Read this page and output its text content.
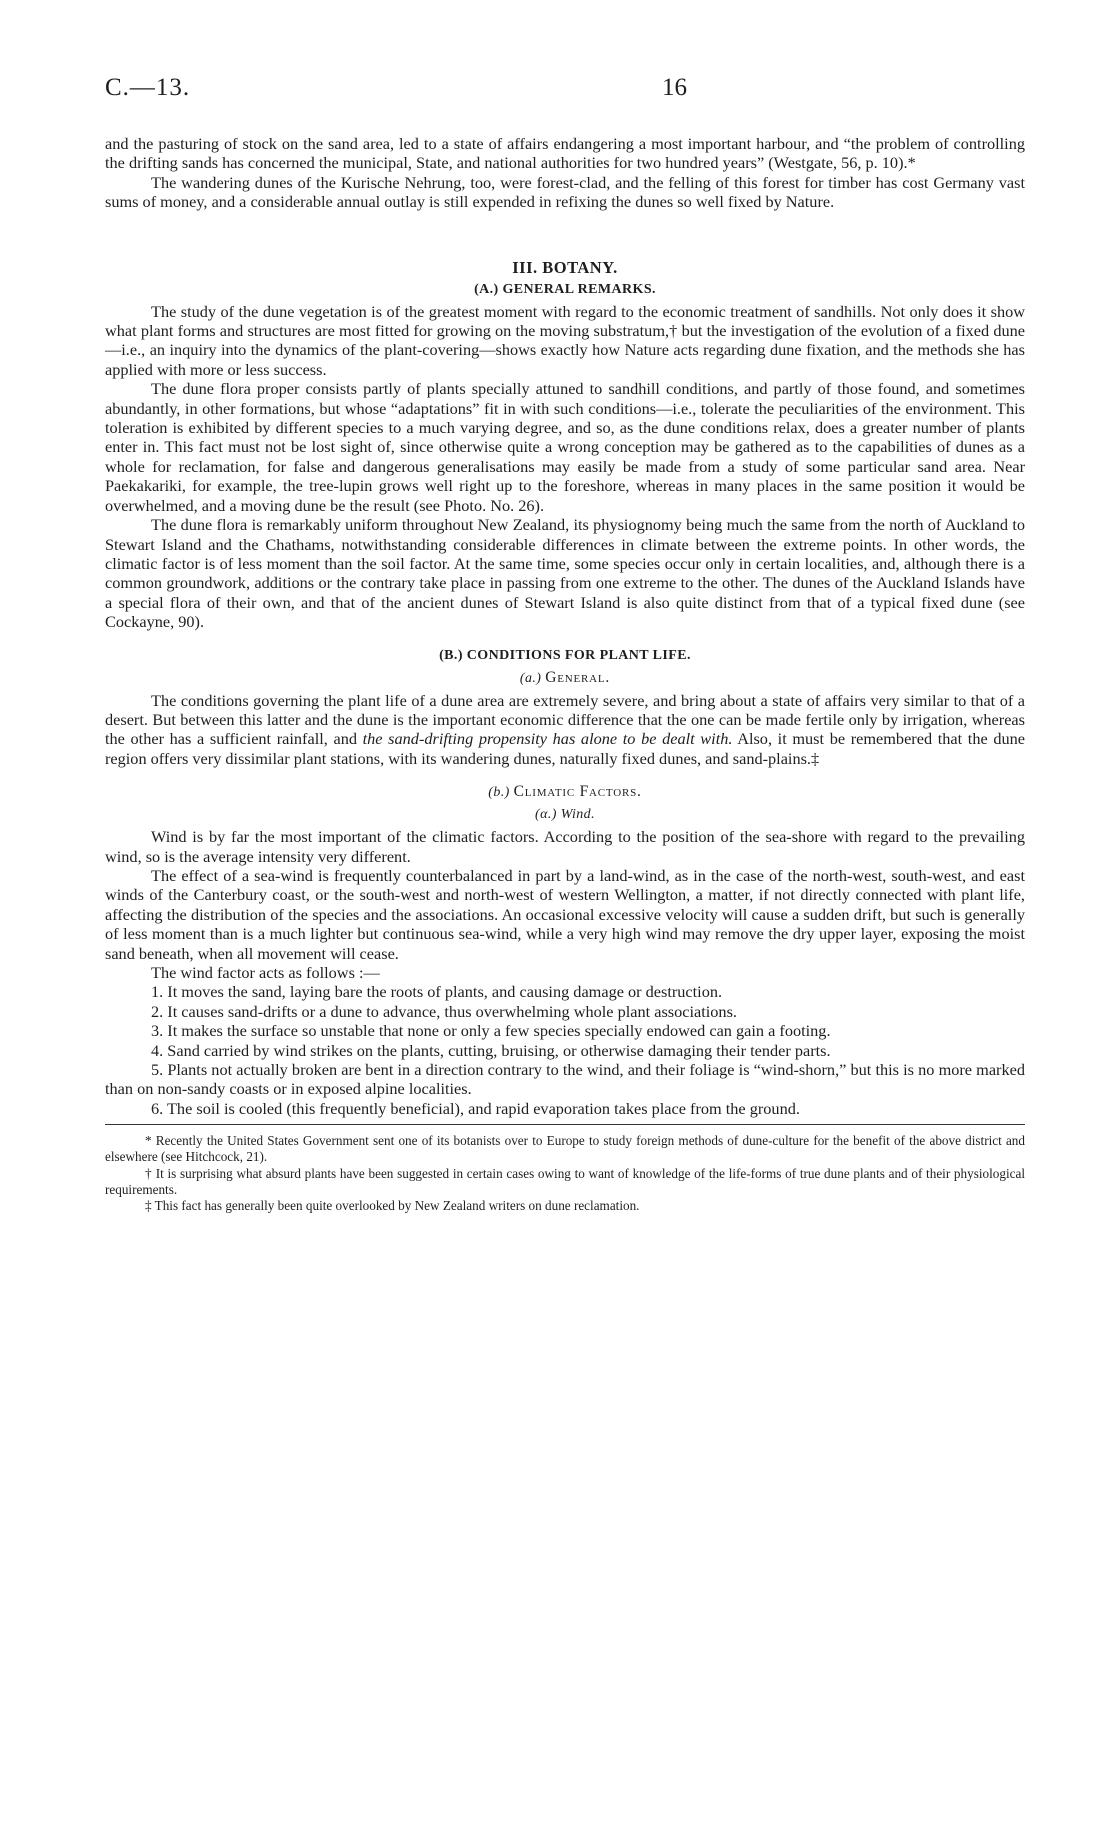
C.—13.	16

and the pasturing of stock on the sand area, led to a state of affairs endangering a most important harbour, and “the problem of controlling the drifting sands has concerned the municipal, State, and national authorities for two hundred years” (Westgate, 56, p. 10).*

The wandering dunes of the Kurische Nehrung, too, were forest-clad, and the felling of this forest for timber has cost Germany vast sums of money, and a considerable annual outlay is still expended in refixing the dunes so well fixed by Nature.

III. BOTANY.
(A.) GENERAL REMARKS.

The study of the dune vegetation is of the greatest moment with regard to the economic treatment of sandhills. Not only does it show what plant forms and structures are most fitted for growing on the moving substratum,† but the investigation of the evolution of a fixed dune—i.e., an inquiry into the dynamics of the plant-covering—shows exactly how Nature acts regarding dune fixation, and the methods she has applied with more or less success.

The dune flora proper consists partly of plants specially attuned to sandhill conditions, and partly of those found, and sometimes abundantly, in other formations, but whose “adaptations” fit in with such conditions—i.e., tolerate the peculiarities of the environment. This toleration is exhibited by different species to a much varying degree, and so, as the dune conditions relax, does a greater number of plants enter in. This fact must not be lost sight of, since otherwise quite a wrong conception may be gathered as to the capabilities of dunes as a whole for reclamation, for false and dangerous generalisations may easily be made from a study of some particular sand area. Near Paekakariki, for example, the tree-lupin grows well right up to the foreshore, whereas in many places in the same position it would be overwhelmed, and a moving dune be the result (see Photo. No. 26).

The dune flora is remarkably uniform throughout New Zealand, its physiognomy being much the same from the north of Auckland to Stewart Island and the Chathams, notwithstanding considerable differences in climate between the extreme points. In other words, the climatic factor is of less moment than the soil factor. At the same time, some species occur only in certain localities, and, although there is a common groundwork, additions or the contrary take place in passing from one extreme to the other. The dunes of the Auckland Islands have a special flora of their own, and that of the ancient dunes of Stewart Island is also quite distinct from that of a typical fixed dune (see Cockayne, 90).

(B.) CONDITIONS FOR PLANT LIFE.
(a.) General.

The conditions governing the plant life of a dune area are extremely severe, and bring about a state of affairs very similar to that of a desert. But between this latter and the dune is the important economic difference that the one can be made fertile only by irrigation, whereas the other has a sufficient rainfall, and the sand-drifting propensity has alone to be dealt with. Also, it must be remembered that the dune region offers very dissimilar plant stations, with its wandering dunes, naturally fixed dunes, and sand-plains.‡

(b.) Climatic Factors.
(α.) Wind.

Wind is by far the most important of the climatic factors. According to the position of the sea-shore with regard to the prevailing wind, so is the average intensity very different.

The effect of a sea-wind is frequently counterbalanced in part by a land-wind, as in the case of the north-west, south-west, and east winds of the Canterbury coast, or the south-west and north-west of western Wellington, a matter, if not directly connected with plant life, affecting the distribution of the species and the associations. An occasional excessive velocity will cause a sudden drift, but such is generally of less moment than is a much lighter but continuous sea-wind, while a very high wind may remove the dry upper layer, exposing the moist sand beneath, when all movement will cease.

The wind factor acts as follows :—

1. It moves the sand, laying bare the roots of plants, and causing damage or destruction.

2. It causes sand-drifts or a dune to advance, thus overwhelming whole plant associations.

3. It makes the surface so unstable that none or only a few species specially endowed can gain a footing.

4. Sand carried by wind strikes on the plants, cutting, bruising, or otherwise damaging their tender parts.

5. Plants not actually broken are bent in a direction contrary to the wind, and their foliage is “wind-shorn,” but this is no more marked than on non-sandy coasts or in exposed alpine localities.

6. The soil is cooled (this frequently beneficial), and rapid evaporation takes place from the ground.

* Recently the United States Government sent one of its botanists over to Europe to study foreign methods of dune-culture for the benefit of the above district and elsewhere (see Hitchcock, 21).

† It is surprising what absurd plants have been suggested in certain cases owing to want of knowledge of the life-forms of true dune plants and of their physiological requirements.

‡ This fact has generally been quite overlooked by New Zealand writers on dune reclamation.
